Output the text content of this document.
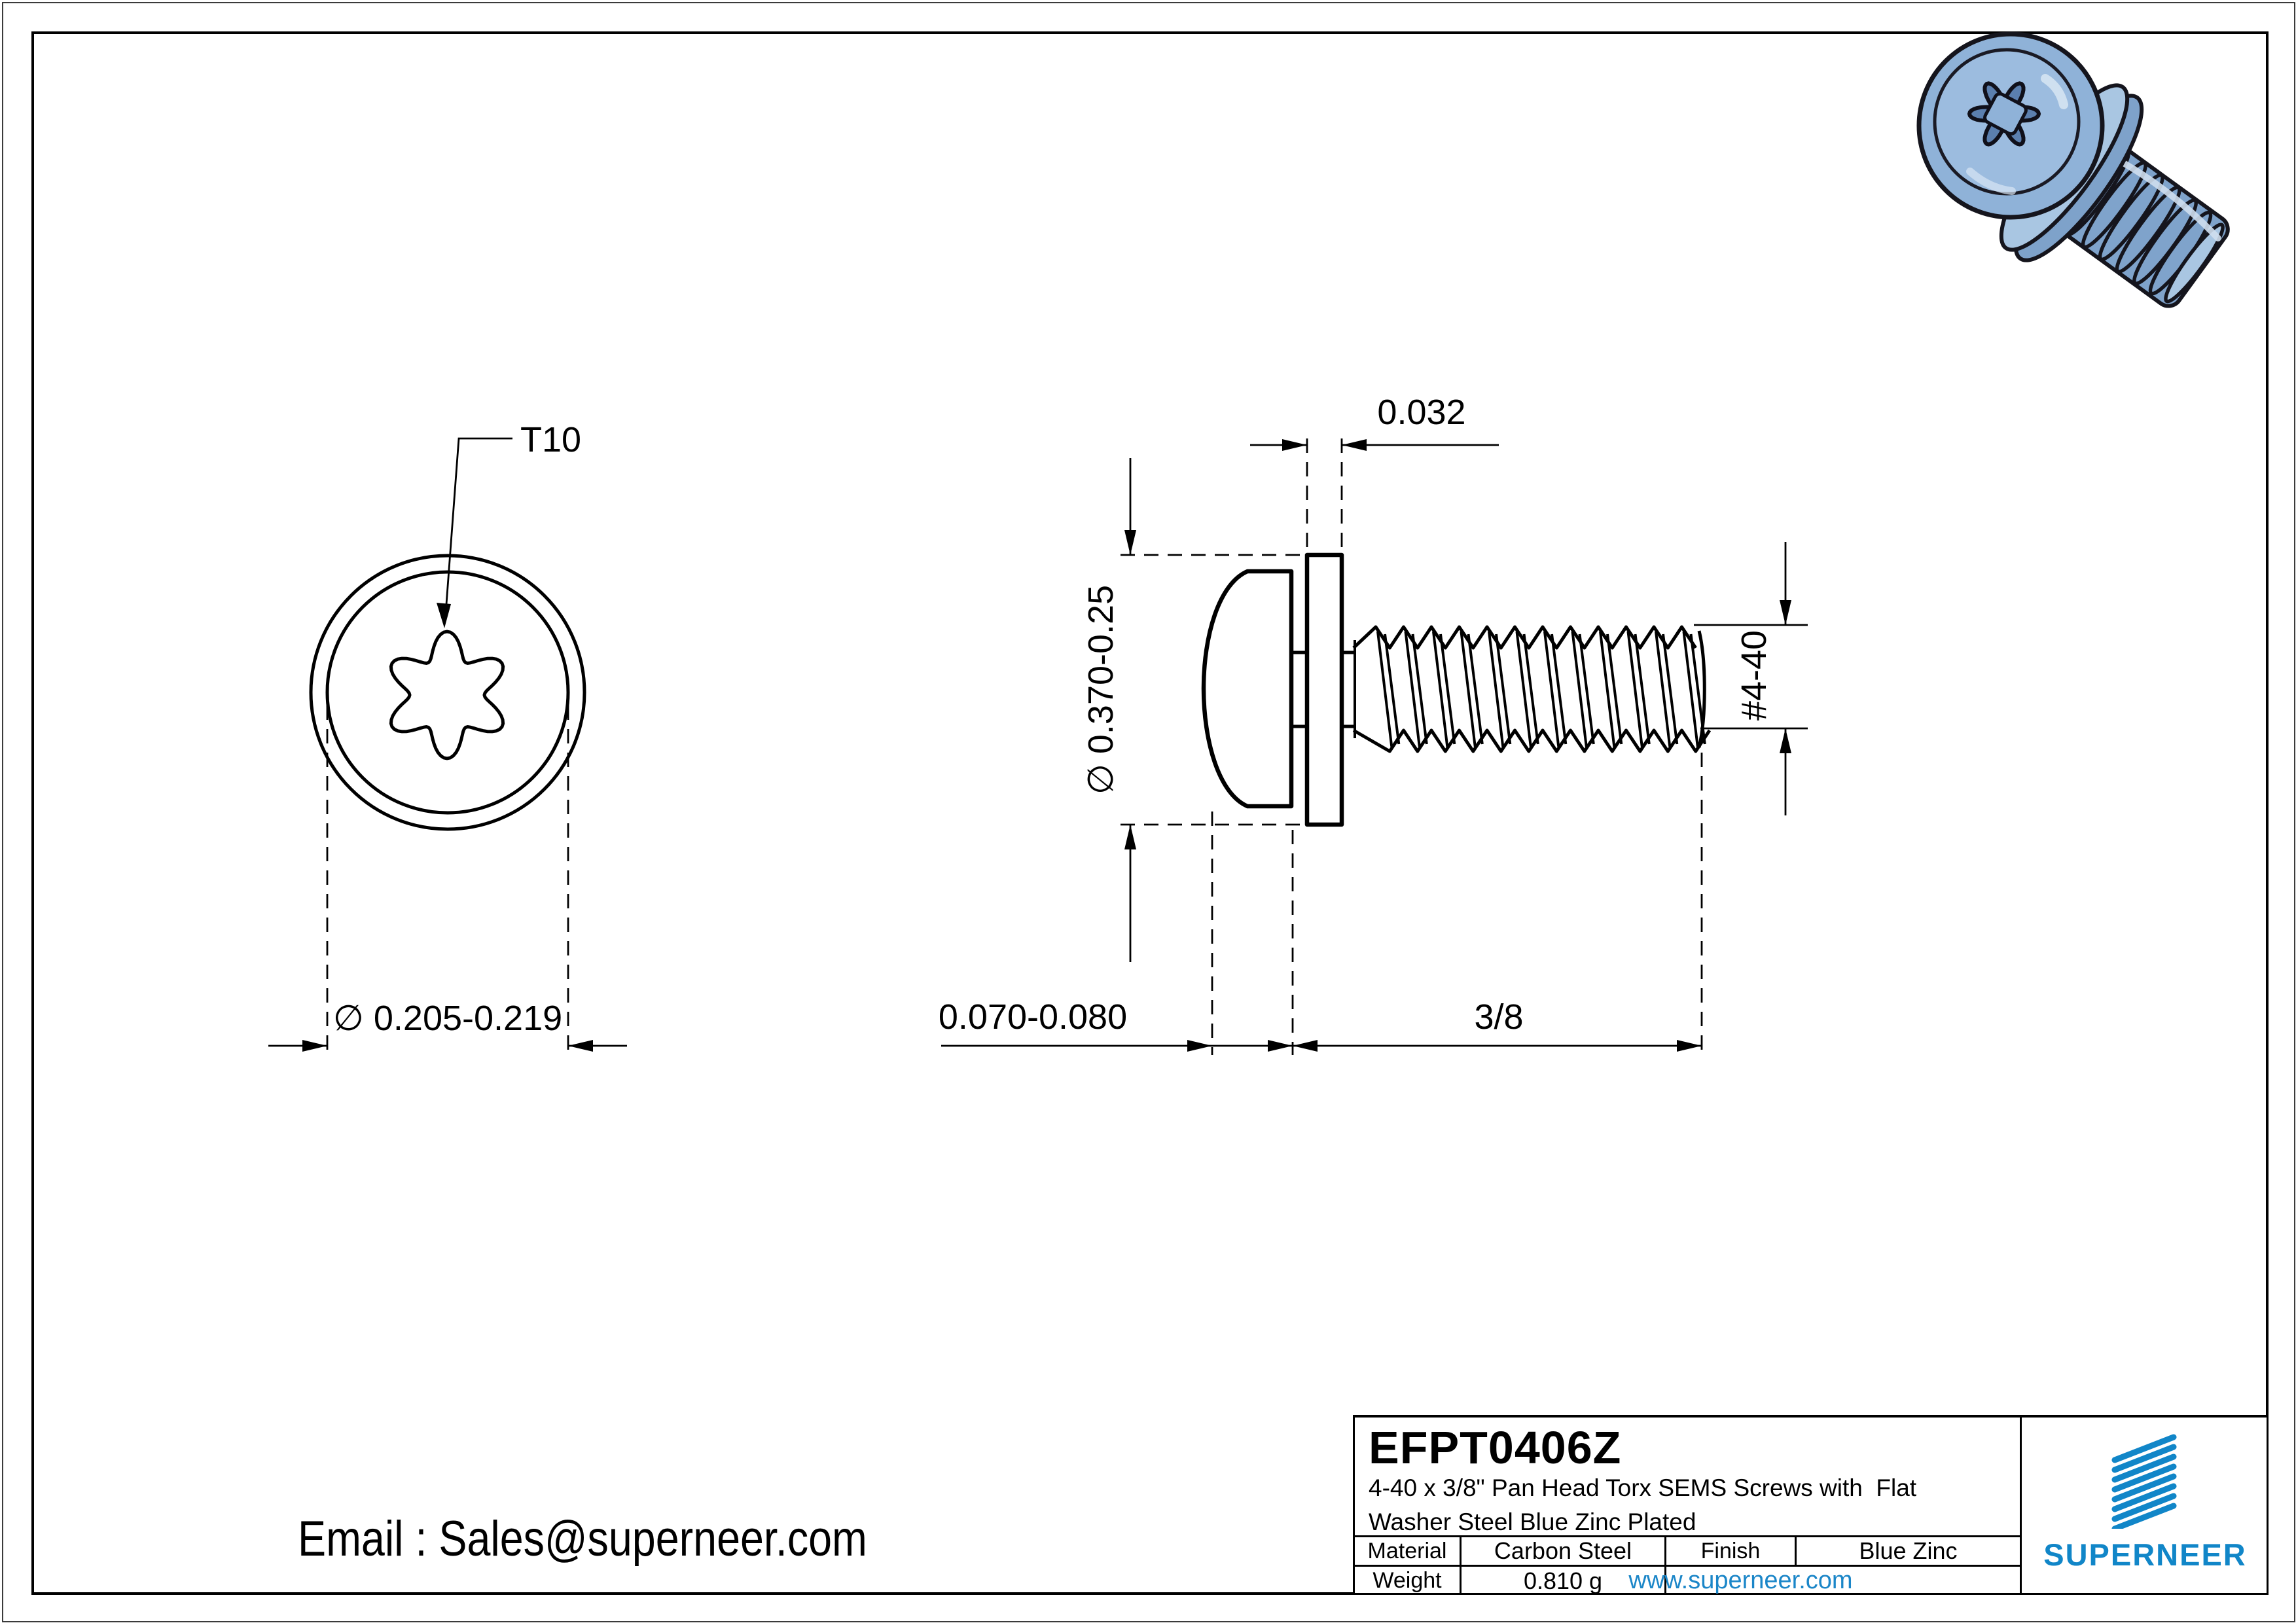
T10
∅ 0.205-0.219
0.032
∅ 0.370-0.25	#4-40
0.070-0.080	3/8
Email : Sales@superneer.com
EFPT0406Z
4-40 x 3/8" Pan Head Torx SEMS Screws with  Flat
Washer Steel Blue Zinc Plated
Material	Carbon Steel	Finish	Blue Zinc
Weight	0.810 g	www.superneer.com
SUPERNEER
